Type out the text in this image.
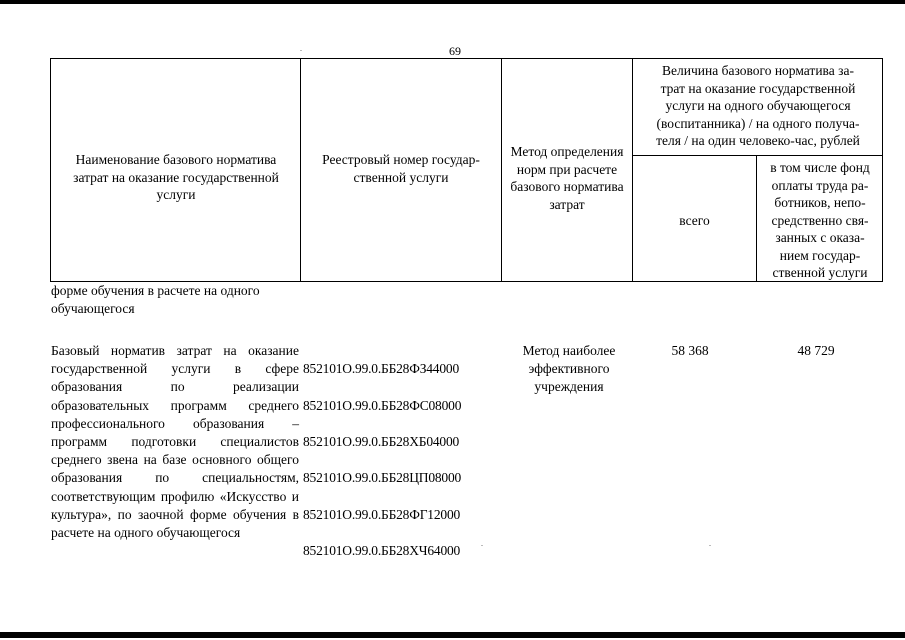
69
Наименование базового норматива затрат на оказание государственной услуги
Реестровый номер государ-
ственной услуги
Метод определения
норм при расчете
базового норматива
затрат
Величина базового норматива за-
трат на оказание государственной
услуги на одного обучающегося
(воспитанника) / на одного получа-
теля / на один человеко-час, рублей
всего
в том числе фонд
оплаты труда ра-
ботников, непо-
средственно свя-
занных с оказа-
нием государ-
ственной услуги
форме обучения в расчете на одного обучающегося
Базовый норматив затрат на оказание государственной услуги в сфере образования по реализации образовательных программ среднего профессионального образования – программ подготовки специалистов среднего звена на базе основного общего образования по специальностям, соответствующим профилю «Искусство и культура», по заочной форме обучения в расчете на одного обучающегося

852101О.99.0.ББ28ФЗ44000

852101О.99.0.ББ28ФС08000

852101О.99.0.ББ28ХБ04000

852101О.99.0.ББ28ЦП08000

852101О.99.0.ББ28ФГ12000

852101О.99.0.ББ28ХЧ64000

Метод наиболее
эффективного
учреждения
58 368	48 729
